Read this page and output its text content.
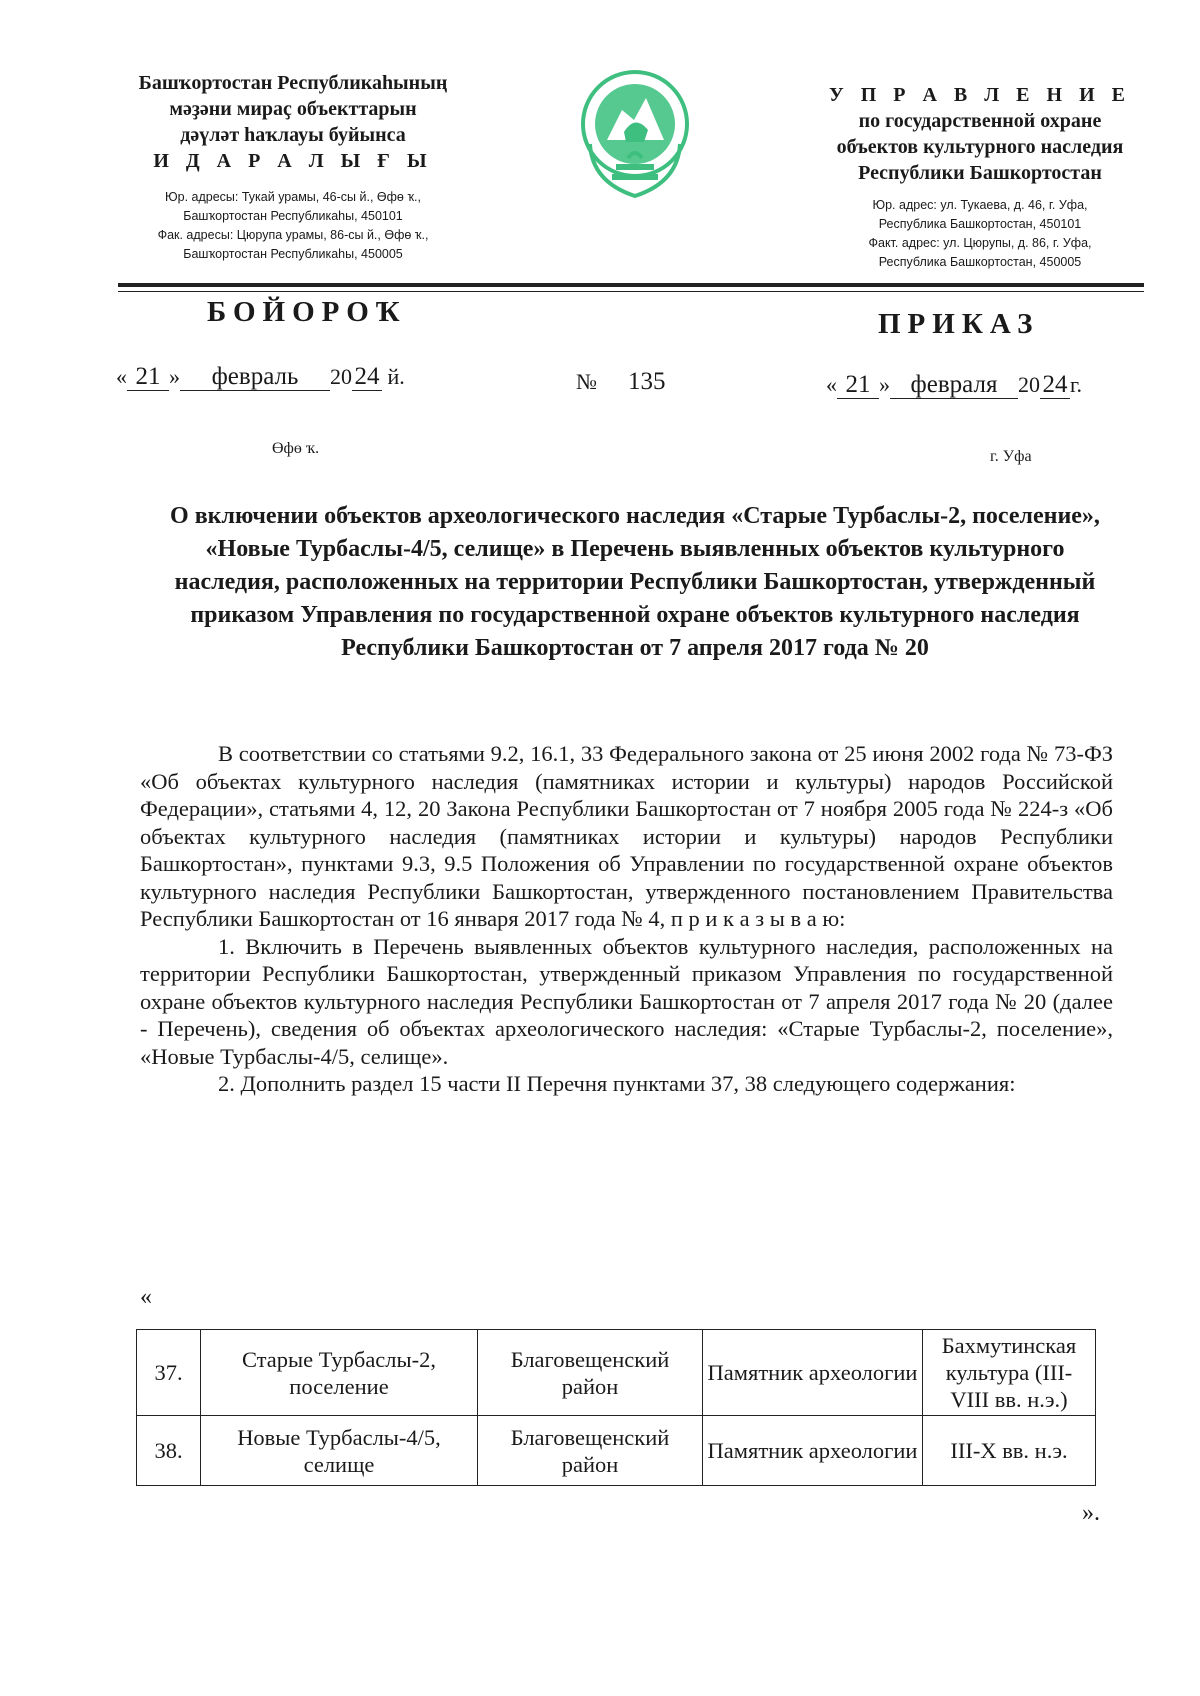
Башҡортостан Республикаһының
мәҙәни мираҫ объекттарын
дәүләт һаҡлауы буйынса
И Д А Р А Л Ы Ғ Ы
Юр. адресы: Тукай урамы, 46-сы й., Өфө ҡ.,
Башҡортостан Республикаһы, 450101
Фак. адресы: Цюрупа урамы, 86-сы й., Өфө ҡ.,
Башҡортостан Республикаһы, 450005
У П Р А В Л Е Н И Е
по государственной охране
объектов культурного наследия
Республики Башкортостан
Юр. адрес: ул. Тукаева, д. 46, г. Уфа,
Республика Башкортостан, 450101
Факт. адрес: ул. Цюрупы, д. 86, г. Уфа,
Республика Башкортостан, 450005
БОЙОРОҠ	ПРИКАЗ
« 21 » февраль 20 24 й.	№ 135	« 21 » февраля 20 24 г.
Өфө ҡ.	г. Уфа
О включении объектов археологического наследия «Старые Турбаслы-2, поселение», «Новые Турбаслы-4/5, селище» в Перечень выявленных объектов культурного наследия, расположенных на территории Республики Башкортостан, утвержденный приказом Управления по государственной охране объектов культурного наследия Республики Башкортостан от 7 апреля 2017 года № 20

В соответствии со статьями 9.2, 16.1, 33 Федерального закона от 25 июня 2002 года № 73-ФЗ «Об объектах культурного наследия (памятниках истории и культуры) народов Российской Федерации», статьями 4, 12, 20 Закона Республики Башкортостан от 7 ноября 2005 года № 224-з «Об объектах культурного наследия (памятниках истории и культуры) народов Республики Башкортостан», пунктами 9.3, 9.5 Положения об Управлении по государственной охране объектов культурного наследия Республики Башкортостан, утвержденного постановлением Правительства Республики Башкортостан от 16 января 2017 года № 4, п р и к а з ы в а ю:

1. Включить в Перечень выявленных объектов культурного наследия, расположенных на территории Республики Башкортостан, утвержденный приказом Управления по государственной охране объектов культурного наследия Республики Башкортостан от 7 апреля 2017 года № 20 (далее - Перечень), сведения об объектах археологического наследия: «Старые Турбаслы-2, поселение», «Новые Турбаслы-4/5, селище».

2. Дополнить раздел 15 части II Перечня пунктами 37, 38 следующего содержания:

«
37.	Старые Турбаслы-2, поселение	Благовещенский район	Памятник археологии	Бахмутинская культура (III-VIII вв. н.э.)
38.	Новые Турбаслы-4/5, селище	Благовещенский район	Памятник археологии	III-X вв. н.э.
».
